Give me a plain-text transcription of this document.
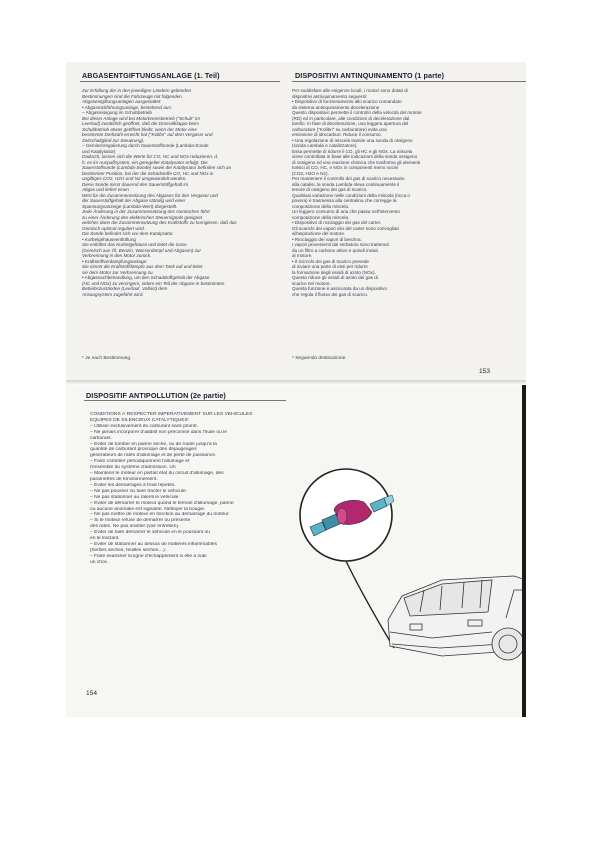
ABGASENTGIFTUNGSANLAGE (1. Teil)	DISPOSITIVI ANTINQUINAMENTO (1 parte)
Zur Erfüllung der in den jeweiligen Ländern geltenden
Bestimmungen sind die Fahrzeuge mit folgenden
Abgasentgiftungsanlagen ausgestattet:
• Abgasrückführungsanlage, bestehend aus:
– Abgasreinigung im Schubbetrieb
Bei dieser Anlage wird bei Motorbremsbetrieb ("Schub" im
Leerlauf) zusätzlich geöffnet, daß die Drosselklappe beim
Schubbetrieb etwas geöffnet bleibt, wenn der Motor eine
bestimmte Drehzahl erreicht hat ("Kolibri" auf dem Vergaser und
Zeitschaltglied zur Steuerung).
– Gemischregulierung durch Sauerstoffsonde (Lambda-Sonde
und Katalysator)
Dadurch, lassen sich die Werte für CO, HC und NOx reduzieren, d.
h. es im Auspuffsystem, ein geregelter Katalysator erfolgt. Die
Sauerstoffsonde (Lambda-Sonde) sowie der Katalysator befinden sich an
bestimmter Position, bei der die Schadstoffe CO, HC und NOx in
ungiftiges CO2, H2O und N2 umgewandelt werden.
Diese Sonde misst dauernd den Sauerstoffgehalt im
Abgas und liefert einen
Wert für die Zusammensetzung des Abgases für den Vergaser und
der Sauerstoffgehalt der Abgase ständig wird einer
Spannungsanzeige (Lambda-Wert) dargestellt.
Jede Änderung in der Zusammensetzung des Gemisches führt
zu einer Änderung des elektrischen Steuersignals geeignet
welches dann die Zusammensetzung des Kraftstoffs zu korrigieren, daß das
Gemisch optimal reguliert wird.
Die Sonde befindet sich vor dem Katalysator.
• Kurbelgehäuseentlüftung
Sie entlüftet das Kurbelgehäuse und leitet die Gase
(Gemisch aus Öl, Benzin, Wasserdampf und Abgasen) zur
Verbrennung in den Motor zurück.
• Kraftstoffverdampfungsanlage:
Sie nimmt die Kraftstoffdämpfe aus dem Tank auf und leitet
sie dem Motor zur Verbrennung zu.
• Abgasnachbehandlung, um den Schadstoffgehalt der Abgase
(HC und NOx) zu verringern, indem ein Teil der Abgase in bestimmten
Betriebszuständen (Leerlauf, Vollast) dem
Ansaugsystem zugeführt wird.
Per soddisfare alle esigenze locali, i motori sono dotati di
dispositivi antinquinamento seguenti:
• Dispositivo di funzionamento allo scarico comandato
da sistema antinquinamento decelerazione
Questo dispositivo permette il controllo della velocità del motore
(RD) ed in particolare, alle condizioni di decelerazione dal
tarello. In fase di decelerazione, una leggera apertura del
carburatore ("Kolibri" su carburatore) evita una
emissione di idrocarburi. Riduce il consumo.
• Una regolazione di miscela tramite una sonda di ossigeno
(sonda Lambda e catalizzatore).
Essa permette di ridurre il CO, gli HC e gli NOx. La miscela
viene controllata in base alle indicazioni della sonda ossigeno
di ossigeno ed una reazione chimica che trasforma gli elementi
tossici di CO, HC, e NOx in componenti meno nocivi
(CO2, H2O e N2).
Per mantenere il controllo dei gas di scarico necessario
alla catalisi, la sonda Lambda rileva continuamente il
tenore di ossigeno dei gas di scarico.
Qualsiasi variazione nelle condizioni della miscela (ricca o
povera) è trasmessa alla centralina che corregge la
composizione della miscela.
Un leggero consumo di aria che passa nell'intervento
composizione della miscela.
• Dispositivo di riciclaggio dei gas del carter.
Gli scarichi dei vapori olio del carter sono convogliati
all'aspirazione del motore.
• Riciclaggio dei vapori di benzina.
I vapori provenienti dal serbatoio sono trattenuti
da un filtro a carbone attivo e quindi inviati
al motore.
• Il ricircolo dei gas di scarico prevede
di inviare una parte di essi per ridurre
la formazione degli ossidi di azoto (NOx).
Questa riduce gli ossidi di azoto dei gas di
scarico nel motore.
Questa funzione è assicurata da un dispositivo
che regola il flusso dei gas di scarico.
* Je nach Bestimmung.	* Seguendo destinazione.
153
DISPOSITIF ANTIPOLLUTION (2e partie)
CONDITIONS À RESPECTER IMPÉRATIVEMENT SUR LES VÉHICULES
ÉQUIPÉS DE SILENCIEUX CATALYTIQUES:
– Utiliser exclusivement du carburant sans plomb.
– Ne jamais incorporer d'additif non préconisé dans l'huile ou le
carburant.
– Éviter de tomber en panne sèche, ou de rouler jusqu'à la
quantité de carburant provoque des déjaugeages
générateurs de ratés d'allumage et de perte de puissance.
– Faire contrôler périodiquement l'allumage et
l'ensemble du système d'admission. Un
– Maintenir le moteur en parfait état du circuit d'allumage, des
paramètres de fonctionnement.
– Éviter les démarrages à froid répétés.
– Ne pas pousser ou faire tracter le véhicule.
– Ne pas stationner au ralenti le véhicule.
– Éviter de démarrer le moteur quand le témoin d'allumage, panne
ou aucune anomalie est signalée. Nettoyer la bougie.
– Ne pas mettre de moteur en fonction au démarrage du moteur.
– Si le moteur refuse de démarrer ou présente
des ratés. Ne pas insister (voir entretien).
– Éviter de faire démarrer le véhicule en le poussant ou
en le tractant.
– Éviter de stationner au dessus de matières inflammables
(herbes sèches, feuilles sèches…).
– Faire examiner la ligne d'échappement si elle a subi
un choc.
154
